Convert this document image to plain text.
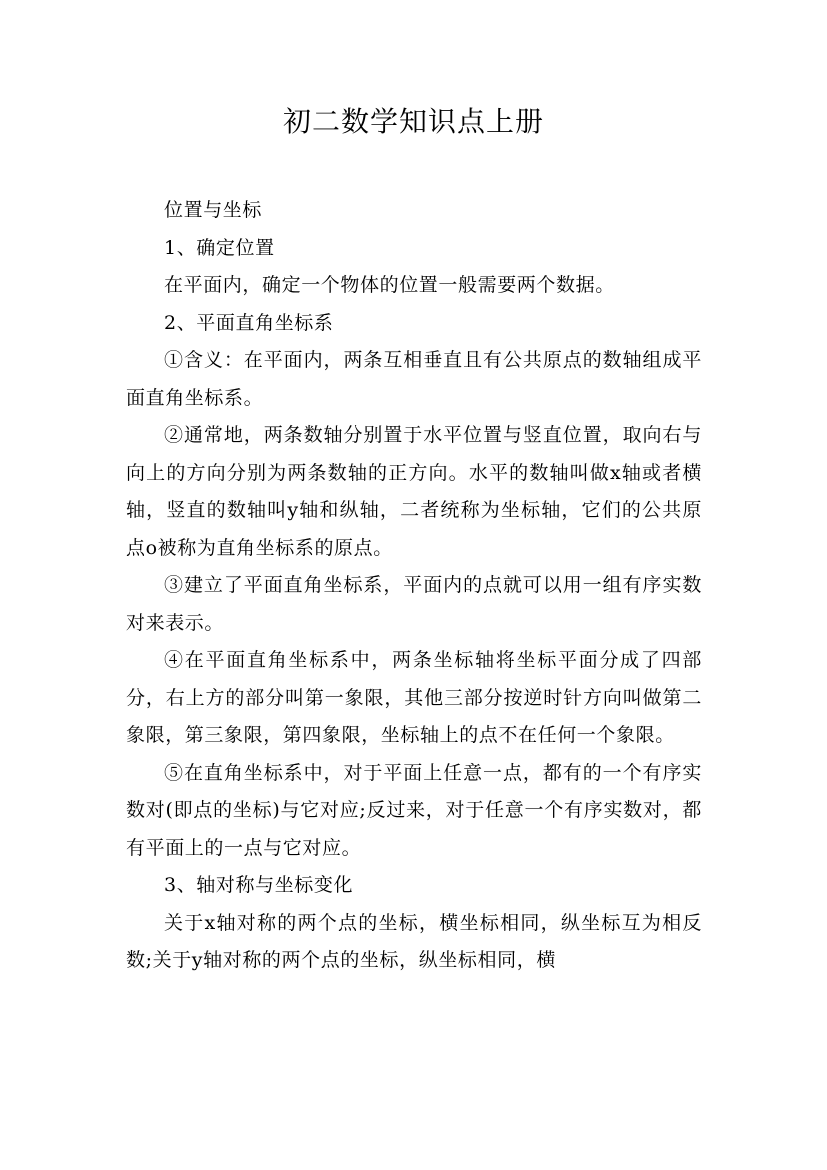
初二数学知识点上册

位置与坐标

1、确定位置

在平面内，确定一个物体的位置一般需要两个数据。

2、平面直角坐标系

①含义：在平面内，两条互相垂直且有公共原点的数轴组成平面直角坐标系。

②通常地，两条数轴分别置于水平位置与竖直位置，取向右与向上的方向分别为两条数轴的正方向。水平的数轴叫做x轴或者横轴，竖直的数轴叫y轴和纵轴，二者统称为坐标轴，它们的公共原点o被称为直角坐标系的原点。

③建立了平面直角坐标系，平面内的点就可以用一组有序实数对来表示。

④在平面直角坐标系中，两条坐标轴将坐标平面分成了四部分，右上方的部分叫第一象限，其他三部分按逆时针方向叫做第二象限，第三象限，第四象限，坐标轴上的点不在任何一个象限。

⑤在直角坐标系中，对于平面上任意一点，都有的一个有序实数对(即点的坐标)与它对应;反过来，对于任意一个有序实数对，都有平面上的一点与它对应。

3、轴对称与坐标变化

关于x轴对称的两个点的坐标，横坐标相同，纵坐标互为相反数;关于y轴对称的两个点的坐标，纵坐标相同，横
